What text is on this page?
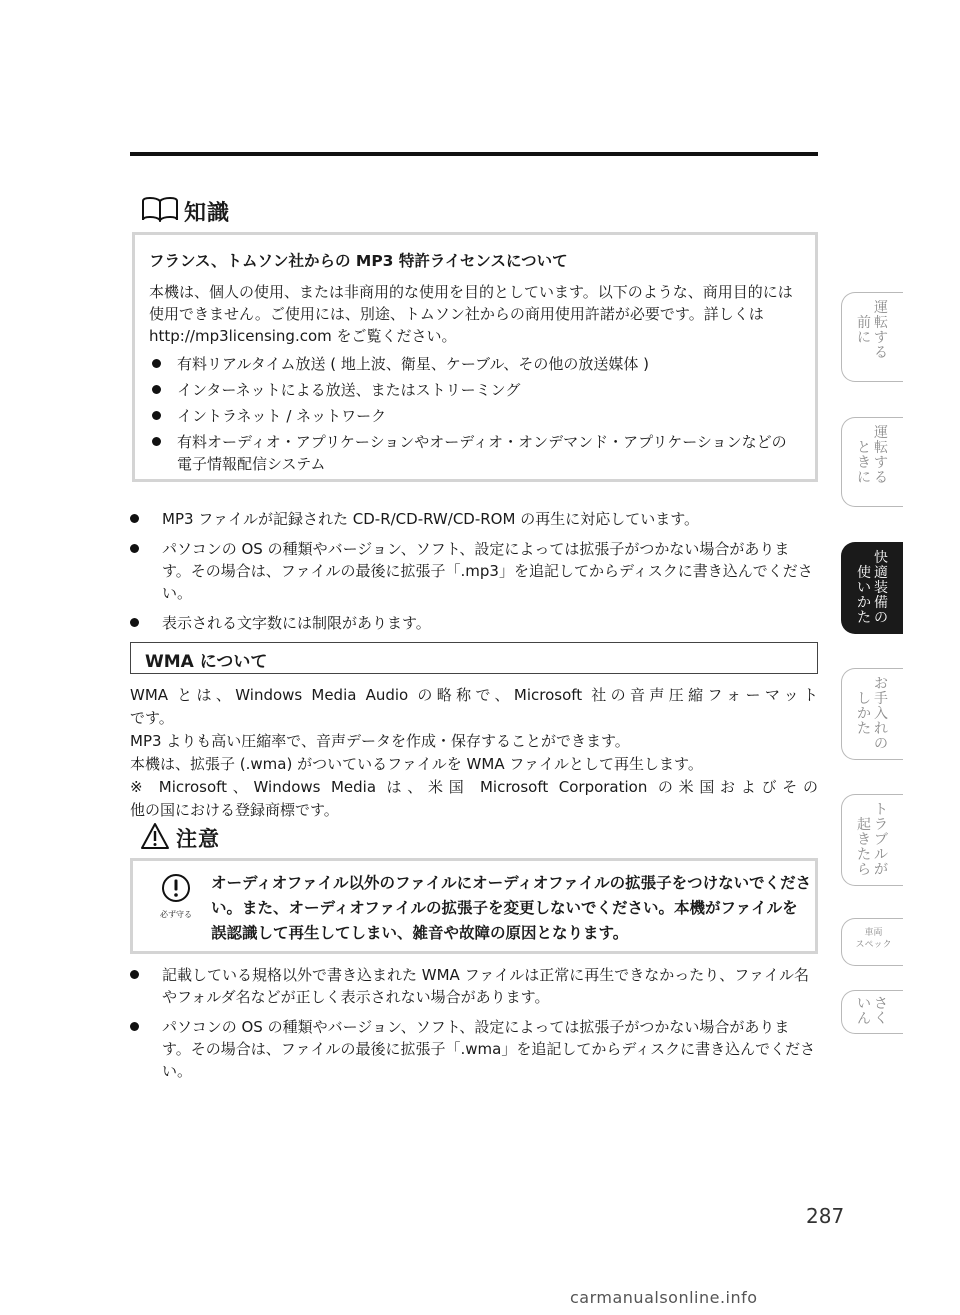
知識
フランス、トムソン社からの MP3 特許ライセンスについて
本機は、個人の使用、または非商用的な使用を目的としています。以下のような、商用目的には使用できません。ご使用には、別途、トムソン社からの商用使用許諾が必要です。詳しくは http://mp3licensing.com をご覧ください。
有料リアルタイム放送 ( 地上波、衛星、ケーブル、その他の放送媒体 )
インターネットによる放送、またはストリーミング
イントラネット / ネットワーク
有料オーディオ・アプリケーションやオーディオ・オンデマンド・アプリケーションなどの電子情報配信システム
MP3 ファイルが記録された CD-R/CD-RW/CD-ROM の再生に対応しています。
パソコンの OS の種類やバージョン、ソフト、設定によっては拡張子がつかない場合があります。その場合は、ファイルの最後に拡張子「.mp3」を追記してからディスクに書き込んでください。
表示される文字数には制限があります。
WMA について

WMA とは、Windows Media Audio の略称で、Microsoft 社の音声圧縮フォーマット

です。

MP3 よりも高い圧縮率で、音声データを作成・保存することができます。

本機は、拡張子 (.wma) がついているファイルを WMA ファイルとして再生します。

※ Microsoft、Windows Media は、米国 Microsoft Corporation の米国およびその

他の国における登録商標です。

注意
必ず守る
オーディオファイル以外のファイルにオーディオファイルの拡張子をつけないでください。また、オーディオファイルの拡張子を変更しないでください。本機がファイルを誤認識して再生してしまい、雑音や故障の原因となります。
記載している規格以外で書き込まれた WMA ファイルは正常に再生できなかったり、ファイル名やフォルダ名などが正しく表示されない場合があります。
パソコンの OS の種類やバージョン、ソフト、設定によっては拡張子がつかない場合があります。その場合は、ファイルの最後に拡張子「.wma」を追記してからディスクに書き込んでください。
287
運転する
前に
運転する
ときに
快適装備の
使いかた
お手入れの
しかた
トラブルが
起きたら
車両
スペック
さく
いん
carmanualsonline.info
